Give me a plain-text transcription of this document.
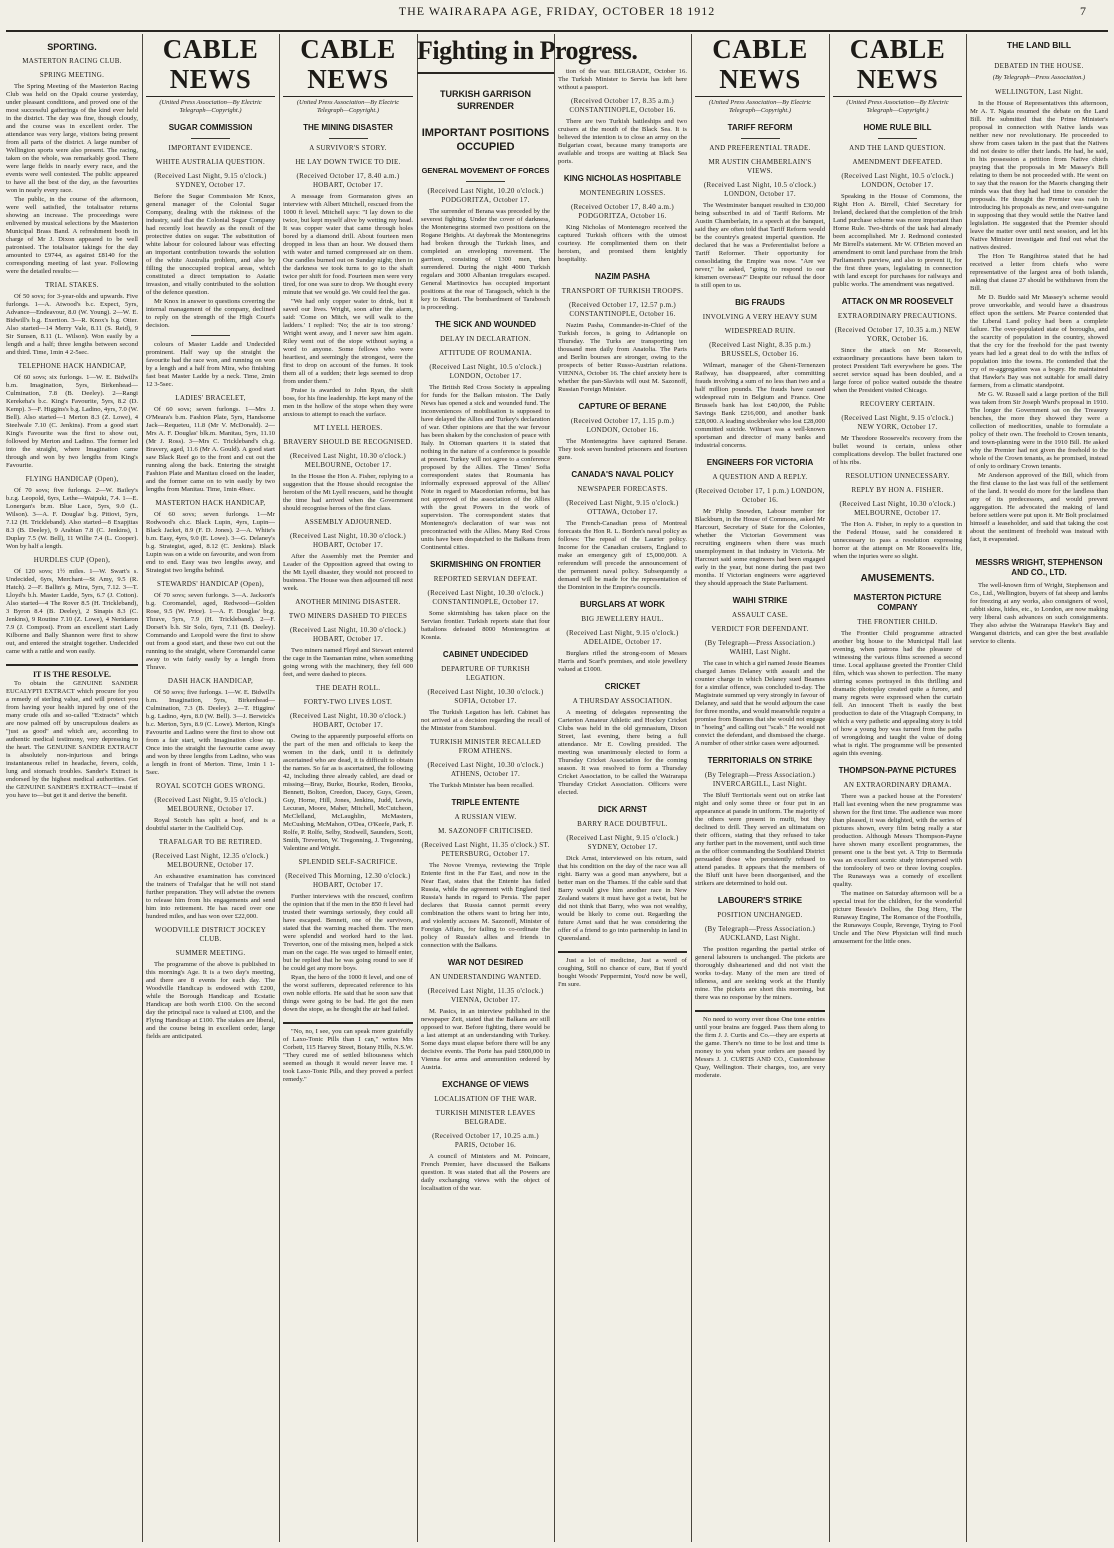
THE WAIRARAPA AGE, FRIDAY, OCTOBER 18 1912	7
SPORTING.
MASTERTON RACING CLUB.
SPRING MEETING.
The Spring Meeting of the Masterton Racing Club was held on the Opaki course yesterday, under pleasant conditions, and proved one of the most successful gatherings of the kind ever held in the district. The day was fine, though cloudy, and the course was in excellent order. The attendance was very large, visitors being present from all parts of the district. A large number of Wellington sports were also present. The racing, taken on the whole, was remarkably good. There were large fields in nearly every race, and the events were well contested. The public appeared to have all the best of the day, as the favourites won in nearly every race.
The public, in the course of the afternoon, were well satisfied, the totalisator returns showing an increase. The proceedings were enlivened by musical selections by the Masterton Municipal Brass Band. A refreshment booth in charge of Mr J. Dixon appeared to be well patronised. The totalisator takings for the day amounted to £9744, as against £8140 for the corresponding meeting of last year. Following were the detailed results:—
TRIAL STAKES.
Of 50 sovs; for 3-year-olds and upwards. Five furlongs. 1—A. Atwood's b.c. Expect, 5yrs, Advance—Endeavour, 8.0 (W. Young). 2—W. E. Bidwill's b.g. Exertion. 3—R. Knox's b.g. Otter. Also started—14 Merry Vale, 8.11 (S. Reid), 9 Sir Sunsen, 8.11 (L. Wilson). Won easily by a length and a half; three lengths between second and third. Time, 1min 4 2-5sec.
TELEPHONE HACK HANDICAP,
Of 60 sovs; six furlongs. 1—W. E. Bidwill's b.m. Imagination, 5yrs, Birkenhead—Culmination, 7.8 (B. Deeley). 2—Rangi Kerekeha's b.c. King's Favourite, 5yrs, 8.2 (D. Kemp). 3—F. Higgins's b.g. Ladino, 4yrs, 7.0 (W. Bell). Also started—1 Merton 8.3 (Z. Lowe), 4 Steelwale 7.10 (C. Jenkins). From a good start King's Favourite was the first to show out, followed by Merton and Ladino. The former led into the straight, where Imagination came through and won by two lengths from King's Favourite.
FLYING HANDICAP (Open),
Of 70 sovs; five furlongs. 2—W. Bailey's b.r.g. Leopold, 6yrs, Lethe—Waipuki, 7.4. 1—E. Lonergan's br.m. Blue Lace, 5yrs, 9.0 (L. Wilson). 3—A. F. Douglas' b.g. Pitiovi, 5yrs, 7.12 (H. Trickleband). Also started—8 Exapjitas 8.3 (B. Deeley), 9 Arabian 7.8 (C. Jenkins), 1 Duplay 7.5 (W. Bell), 11 Willie 7.4 (L. Cooper). Won by half a length.
HURDLES CUP (Open),
Of 120 sovs; 1½ miles. 1—W. Swart's s. Undecided, 6yrs, Merchant—St Amy, 9.5 (R. Hatch). 2—F. Ballin's g. Mira, 5yrs, 7.12. 3—T. Lloyd's b.h. Master Ladde, 5yrs, 6.7 (J. Cotton). Also started—4 The Rover 8.5 (H. Trickleband), 3 Byron 8.4 (B. Deeley), 2 Sinapis 8.3 (C. Jenkins), 9 Routine 7.10 (Z. Lowe), 4 Neridaron 7.9 (J. Compost). From an excellent start Lady Kilborne and Bally Shannon were first to show out, and entered the straight together. Undecided came with a rattle and won easily.
IT IS THE RESOLVE.
To obtain the GENUINE SANDER EUCALYPTI EXTRACT which procure for you a remedy of sterling value, and will protect you from having your health injured by one of the many crude oils and so-called "Extracts" which are now palmed off by unscrupulous dealers as "just as good" and which are, according to authentic medical testimony, very depressing to the heart. The GENUINE SANDER EXTRACT is absolutely non-injurious and brings instantaneous relief in headache, fevers, colds, lung and stomach troubles. Sander's Extract is endorsed by the highest medical authorities. Get the GENUINE SANDER'S EXTRACT—insist if you have to—but get it and derive the benefit.
CABLE NEWS
(United Press Association—By Electric Telegraph—Copyright.)
SUGAR COMMISSION
IMPORTANT EVIDENCE.
WHITE AUSTRALIA QUESTION.
(Received Last Night, 9.15 o'clock.) SYDNEY, October 17.
Before the Sugar Commission Mr Knox, general manager of the Colonial Sugar Company, dealing with the riskiness of the industry, said that the Colonial Sugar Company had recently lost heavily as the result of the protective duties on sugar. The substitution of white labour for coloured labour was effecting an important contribution towards the solution of the white Australia problem, and also by filling the unoccupied tropical areas, which constituted a direct temptation to Asiatic invasion, and vitally contributed to the solution of the defence question.
Mr Knox in answer to questions covering the internal management of the company, declined to reply on the strength of the High Court's decision.
colours of Master Ladde and Undecided prominent. Half way up the straight the favourite had the race won, and running on won by a length and a half from Mira, who finishing fast beat Master Ladde by a neck. Time, 2min 12 3-5sec.
LADIES' BRACELET,
Of 60 sovs; seven furlongs. 1—Mrs J. O'Meara's b.m. Fashion Plate, 5yrs, Handsome Jack—Requeteu, 11.8 (Mr V. McDonald). 2—Mrs A. F. Douglas' blk.m. Manitau, 5yrs, 11.10 (Mr J. Ross). 3—Mrs C. Trickleband's ch.g. Bravery, aged, 11.6 (Mr A. Gould). A good start saw Black Reef go to the front and cut out the running along the back. Entering the straight Fashion Plate and Manitau closed on the leader, and the former came on to win easily by two lengths from Manitau. Time, 1min 49sec.
MASTERTON HACK HANDICAP,
Of 60 sovs; seven furlongs. 1—Mr Rodwood's ch.c. Black Lupin, 4yrs, Lupin—Black Jacket, 8.9 (F. D. Jones). 2—A. White's b.m. Easy, 4yrs, 9.0 (E. Lowe). 3—G. Delaney's b.g. Strategist, aged, 8.12 (C. Jenkins). Black Lupin was on a wide on favourite, and won from end to end. Easy was two lengths away, and Strategist two lengths behind.
STEWARDS' HANDICAP (Open),
Of 70 sovs; seven furlongs. 3—A. Jackson's b.g. Coromandel, aged, Redwood—Golden Rose, 9.5 (W. Price). 1—A. F. Douglas' br.g. Thrave, 5yrs, 7.9 (H. Trickleband). 2—F. Dorset's b.h. Sir Solo, 6yrs, 7.11 (B. Deeley). Commando and Leopold were the first to show out from a good start, and these two cut out the running to the straight, where Coromandel came away to win fairly easily by a length from Thrave.
DASH HACK HANDICAP,
Of 50 sovs; five furlongs. 1—W. E. Bidwill's b.m. Imagination, 5yrs, Birkenhead—Culmination, 7.3 (B. Deeley). 2—T. Higgins' b.g. Ladino, 4yrs, 8.0 (W. Bell). 3—J. Berwick's b.c. Merton, 5yrs, 8.9 (C. Lowe). Merton, King's Favourite and Ladino were the first to show out from a fair start, with Imagination close up. Once into the straight the favourite came away and won by three lengths from Ladino, who was a length in front of Merton. Time, 1min 1 1-5sec.
ROYAL SCOTCH GOES WRONG.
(Received Last Night, 9.15 o'clock.) MELBOURNE, October 17.
Royal Scotch has split a hoof, and is a doubtful starter in the Caulfield Cup.
TRAFALGAR TO BE RETIRED.
(Received Last Night, 12.35 o'clock.) MELBOURNE, October 17.
An exhaustive examination has convinced the trainers of Trafalgar that he will not stand further preparation. They will advise the owners to release him from his engagements and send him into retirement. He has raced over one hundred miles, and has won over £22,000.
WOODVILLE DISTRICT JOCKEY CLUB.
SUMMER MEETING.
The programme of the above is published in this morning's Age. It is a two day's meeting, and there are 8 events for each day. The Woodville Handicap is endowed with £200, while the Borough Handicap and Ecstatic Handicap are both worth £100. On the second day the principal race is valued at £100, and the Flying Handicap at £100. The stakes are liberal, and the course being in excellent order, large fields are anticipated.
CABLE NEWS
(United Press Association—By Electric Telegraph—Copyright.)
THE MINING DISASTER
A SURVIVOR'S STORY.
HE LAY DOWN TWICE TO DIE.
(Received October 17, 8.40 a.m.) HOBART, October 17.
A message from Gormanston gives an interview with Albert Mitchell, rescued from the 1000 ft level. Mitchell says: "I lay down to die twice, but kept myself alive by wetting my head. It was copper water that came through holes bored by a diamond drill. About fourteen men dropped in less than an hour. We doused them with water and turned compressed air on them. Our candles burned out on Sunday night; then in the darkness we took turns to go to the shaft twice per shift for food. Fourteen men were very tired, for one was sure to drop. We thought every minute that we would go. We could feel the gas.
"We had only copper water to drink, but it saved our lives. Wright, soon after the alarm, said: 'Come on Mitch, we will walk to the ladders.' I replied: 'No; the air is too strong.' Wright went away, and I never saw him again. Riley went out of the stope without saying a word to anyone. Some fellows who were heartiest, and seemingly the strongest, were the first to drop on account of the fumes. It took them all of a sudden; their legs seemed to drop from under them."
Praise is awarded to John Ryan, the shift boss, for his fine leadership. He kept many of the men in the hollow of the stope when they were anxious to attempt to reach the surface.
MT LYELL HEROES.
BRAVERY SHOULD BE RECOGNISED.
(Received Last Night, 10.30 o'clock.) MELBOURNE, October 17.
In the House the Hon A. Fisher, replying to a suggestion that the House should recognise the heroism of the Mt Lyell rescuers, said he thought the time had arrived when the Government should recognise heroes of the first class.
ASSEMBLY ADJOURNED.
(Received Last Night, 10.30 o'clock.) HOBART, October 17.
After the Assembly met the Premier and Leader of the Opposition agreed that owing to the Mt Lyell disaster, they would not proceed to business. The House was then adjourned till next week.
ANOTHER MINING DISASTER.
TWO MINERS DASHED TO PIECES
(Received Last Night, 10.30 o'clock.) HOBART, October 17.
Two miners named Floyd and Stewart entered the cage in the Tasmanian mine, when something going wrong with the machinery, they fell 600 feet, and were dashed to pieces.
THE DEATH ROLL.
FORTY-TWO LIVES LOST.
(Received Last Night, 10.30 o'clock.) HOBART, October 17.
Owing to the apparently purposeful efforts on the part of the men and officials to keep the women in the dark, until it is definitely ascertained who are dead, it is difficult to obtain the names. So far as is ascertained, the following 42, including three already cabled, are dead or missing—Bray, Burke, Bourke, Roden, Brooks, Bennett, Bolton, Creedon, Dacey, Guys, Green, Guy, Horne, Hill, Jones, Jenkins, Judd, Lewis, Lecuran, Moore, Maher, Mitchell, McCutcheon, McClelland, McLaughlin, McMasters, McCushing, McMahon, O'Dea, O'Keefe, Park, F. Rolfe, P. Rolfe, Selby, Stodwell, Saunders, Scott, Smith, Treverton, W. Tregonning, J. Tregonning, Valentine and Wright.
SPLENDID SELF-SACRIFICE.
(Received This Morning, 12.30 o'clock.) HOBART, October 17.
Further interviews with the rescued, confirm the opinion that if the men in the 850 ft level had trusted their warnings seriously, they could all have escaped. Bennett, one of the survivors, stated that the warning reached them. The men were splendid and worked hard to the last. Treverton, one of the missing men, helped a sick man on the cage. He was urged to himself enter, but he replied that he was going round to see if he could get any more boys.
Ryan, the hero of the 1000 ft level, and one of the worst sufferers, deprecated reference to his own noble efforts. He said that he soon saw that things were going to be bad. He got the men down the stope, as he thought the air had failed.
"No, no, I see, you can speak more gratefully of Laxo-Tonic Pills than I can," writes Mrs Corbett, 115 Harvey Street, Botany Hills, N.S.W. "They cured me of settled biliousness which seemed as though it would never leave me. I took Laxo-Tonic Pills, and they proved a perfect remedy."
Fighting in Progress.
TURKISH GARRISON SURRENDER
IMPORTANT POSITIONS OCCUPIED
GENERAL MOVEMENT OF FORCES
(Received Last Night, 10.20 o'clock.) PODGORITZA, October 17.
The surrender of Berana was preceded by the severest fighting. Under the cover of darkness, the Montenegrins stormed two positions on the Rogane Heights. At daybreak the Montenegrins had broken through the Turkish lines, and completed an enveloping movement. The garrison, consisting of 1300 men, then surrendered. During the night 4000 Turkish regulars and 3000 Albanian irregulars escaped. General Martinovics has occupied important positions at the rear of Taragosch, which is the key to Skutari. The bombardment of Tarabosch is proceeding.
THE SICK AND WOUNDED
DELAY IN DECLARATION.
ATTITUDE OF ROUMANIA.
(Received Last Night, 10.5 o'clock.) LONDON, October 17.
The British Red Cross Society is appealing for funds for the Balkan mission. The Daily News has opened a sick and wounded fund. The inconveniences of mobilisation is supposed to have delayed the Allies and Turkey's declaration of war. Other opinions are that the war fervour has been shaken by the conclusion of peace with Italy. In Ottoman quarters it is stated that nothing in the nature of a conference is possible at present. Turkey will not agree to a conference proposed by the Allies. The Times' Sofia correspondent states that Roumania has informally expressed approval of the Allies' Note in regard to Macedonian reforms, but has not approved of the association of the Allies with the great Powers in the work of supervision. The correspondent states that Montenegro's declaration of war was not precontracted with the Allies. Many Red Cross units have been despatched to the Balkans from Continental cities.
SKIRMISHING ON FRONTIER
REPORTED SERVIAN DEFEAT.
(Received Last Night, 10.30 o'clock.) CONSTANTINOPLE, October 17.
Some skirmishing has taken place on the Servian frontier. Turkish reports state that four battalions defeated 8000 Montenegrins at Kosnia.
CABINET UNDECIDED
DEPARTURE OF TURKISH LEGATION.
(Received Last Night, 10.30 o'clock.) SOFIA, October 17.
The Turkish Legation has left. Cabinet has not arrived at a decision regarding the recall of the Minister from Stamboul.
TURKISH MINISTER RECALLED FROM ATHENS.
(Received Last Night, 10.30 o'clock.) ATHENS, October 17.
The Turkish Minister has been recalled.
TRIPLE ENTENTE
A RUSSIAN VIEW.
M. SAZONOFF CRITICISED.
(Received Last Night, 11.35 o'clock.) ST. PETERSBURG, October 17.
The Novoe Vremya, reviewing the Triple Entente first in the Far East, and now in the Near East, states that the Entente has failed Russia, while the agreement with England tied Russia's hands in regard to Persia. The paper declares that Russia cannot permit every combination the others want to bring her into, and violently accuses M. Sazonoff, Minister of Foreign Affairs, for failing to co-ordinate the policy of Russia's allies and friends in connection with the Balkans.
WAR NOT DESIRED
AN UNDERSTANDING WANTED.
(Received Last Night, 11.35 o'clock.) VIENNA, October 17.
M. Pasics, in an interview published in the newspaper Zeit, stated that the Balkans are still opposed to war. Before fighting, there would be a last attempt at an understanding with Turkey. Some days must elapse before there will be any decisive events. The Porte has paid £800,000 in Vienna for arms and ammunition ordered by Austria.
EXCHANGE OF VIEWS
LOCALISATION OF THE WAR.
TURKISH MINISTER LEAVES BELGRADE.
(Received October 17, 10.25 a.m.) PARIS, October 16.
A council of Ministers and M. Poincare, French Premier, have discussed the Balkans question. It was stated that all the Powers are daily exchanging views with the object of localisation of the war.
tion of the war. BELGRADE, October 16. The Turkish Minister to Servia has left here without a passport.
(Received October 17, 8.35 a.m.) CONSTANTINOPLE, October 16.
There are two Turkish battleships and two cruisers at the mouth of the Black Sea. It is believed the intention is to close an army on the Bulgarian coast, because many transports are available and troops are waiting at Black Sea ports.
KING NICHOLAS HOSPITABLE
MONTENEGRIN LOSSES.
(Received October 17, 8.40 a.m.) PODGORITZA, October 16.
King Nicholas of Montenegro received the captured Turkish officers with the utmost courtesy. He complimented them on their heroism, and promised them knightly hospitality.
NAZIM PASHA
TRANSPORT OF TURKISH TROOPS.
(Received October 17, 12.57 p.m.) CONSTANTINOPLE, October 16.
Nazim Pasha, Commander-in-Chief of the Turkish forces, is going to Adrianople on Thursday. The Turks are transporting ten thousand men daily from Anatolia. The Paris and Berlin bourses are stronger, owing to the prospects of better Russo-Austrian relations. VIENNA, October 16. The chief anxiety here is whether the pan-Slavists will oust M. Sazonoff, Russian Foreign Minister.
CAPTURE OF BERANE
(Received October 17, 1.15 p.m.) LONDON, October 16.
The Montenegrins have captured Berane. They took seven hundred prisoners and fourteen guns.
CANADA'S NAVAL POLICY
NEWSPAPER FORECASTS.
(Received Last Night, 9.15 o'clock.) OTTAWA, October 17.
The French-Canadian press of Montreal forecasts the Hon R. L. Borden's naval policy as follows: The repeal of the Laurier policy. Income for the Canadian cruisers, England to make an emergency gift of £5,000,000. A referendum will precede the announcement of the permanent naval policy. Subsequently a demand will be made for the representation of the Dominion in the Empire's councils.
BURGLARS AT WORK
BIG JEWELLERY HAUL.
(Received Last Night, 9.15 o'clock.) ADELAIDE, October 17.
Burglars rifled the strong-room of Messrs Harris and Scarf's premises, and stole jewellery valued at £1000.
CRICKET
A THURSDAY ASSOCIATION.
A meeting of delegates representing the Carterton Amateur Athletic and Hockey Cricket Clubs was held in the old gymnasium, Dixon Street, last evening, there being a full attendance. Mr E. Cowling presided. The meeting was unanimously elected to form a Thursday Cricket Association for the coming season. It was resolved to form a Thursday Cricket Association, to be called the Wairarapa Thursday Cricket Association. Officers were elected.
DICK ARNST
BARRY RACE DOUBTFUL.
(Received Last Night, 9.15 o'clock.) SYDNEY, October 17.
Dick Arnst, interviewed on his return, said that his condition on the day of the race was all right. Barry was a good man anywhere, but a better man on the Thames. If the cable said that Barry would give him another race in New Zealand waters it must have got a twist, but he did not think that Barry, who was not wealthy, would be likely to come out. Regarding the future Arnst said that he was considering the offer of a friend to go into partnership in land in Queensland.
Just a lot of medicine, Just a word of coughing, Still no chance of cure, But if you'd bought Woods' Peppermint, You'd now be well, I'm sure.
CABLE NEWS
(United Press Association—By Electric Telegraph—Copyright.)
TARIFF REFORM
AND PREFERENTIAL TRADE.
MR AUSTIN CHAMBERLAIN'S VIEWS.
(Received Last Night, 10.5 o'clock.) LONDON, October 17.
The Westminster banquet resulted in £30,000 being subscribed in aid of Tariff Reform. Mr Austin Chamberlain, in a speech at the banquet, said they are often told that Tariff Reform would be the country's greatest imperial question. He declared that he was a Preferentialist before a Tariff Reformer. Their opportunity for consolidating the Empire was now. "Are we never," he asked, "going to respond to our kinsmen overseas?" Despite our refusal the door is still open to us.
BIG FRAUDS
INVOLVING A VERY HEAVY SUM
WIDESPREAD RUIN.
(Received Last Night, 8.35 p.m.) BRUSSELS, October 16.
Wilmart, manager of the Ghent-Ternenzen Railway, has disappeared, after committing frauds involving a sum of no less than two and a half million pounds. The frauds have caused widespread ruin in Belgium and France. One Brussels bank has lost £40,000, the Public Savings Bank £216,000, and another bank £28,000. A leading stockbroker who lost £28,000 committed suicide. Wilmart was a well-known sportsman and director of many banks and industrial concerns.
ENGINEERS FOR VICTORIA
A QUESTION AND A REPLY.
(Received October 17, 1 p.m.) LONDON, October 16.
Mr Philip Snowden, Labour member for Blackburn, in the House of Commons, asked Mr Harcourt, Secretary of State for the Colonies, whether the Victorian Government was recruiting engineers when there was much unemployment in that industry in Victoria. Mr Harcourt said some engineers had been engaged early in the year, but none during the past two months. If Victorian engineers were aggrieved they should approach the State Parliament.
WAIHI STRIKE
ASSAULT CASE.
VERDICT FOR DEFENDANT.
(By Telegraph—Press Association.) WAIHI, Last Night.
The case in which a girl named Jessie Beames charged James Delaney with assault and the counter charge in which Delaney sued Beames for a similar offence, was concluded to-day. The Magistrate summed up very strongly in favour of Delaney, and said that he would adjourn the case for three months, and would meanwhile require a promise from Beames that she would not engage in "hoeing" and calling out "scab." He would not convict the defendant, and dismissed the charge. A number of other strike cases were adjourned.
TERRITORIALS ON STRIKE
(By Telegraph—Press Association.) INVERCARGILL, Last Night.
The Bluff Territorials went out on strike last night and only some three or four put in an appearance at parade in uniform. The majority of the others were present in mufti, but they declined to drill. They served an ultimatum on their officers, stating that they refused to take any further part in the movement, until such time as the officer commanding the Southland District persuaded those who persistently refused to attend parades. It appears that the members of the Bluff unit have been disorganised, and the strikers are determined to hold out.
LABOURER'S STRIKE
POSITION UNCHANGED.
(By Telegraph—Press Association.) AUCKLAND, Last Night.
The position regarding the partial strike of general labourers is unchanged. The pickets are thoroughly disheartened and did not visit the works to-day. Many of the men are tired of idleness, and are seeking work at the Huntly mine. The pickets are short this morning, but there was no response by the miners.
No need to worry over those One tone entries until your brains are fogged. Pass them along to the firm J. J. Curtis and Co.—they are experts at the game. There's no time to be lost and time is money to you when your orders are passed by Messrs J. J. CURTIS AND CO., Customhouse Quay, Wellington. Their charges, too, are very moderate.
CABLE NEWS
(United Press Association—By Electric Telegraph—Copyright.)
HOME RULE BILL
AND THE LAND QUESTION.
AMENDMENT DEFEATED.
(Received Last Night, 10.5 o'clock.) LONDON, October 17.
Speaking in the House of Commons, the Right Hon A. Birrell, Chief Secretary for Ireland, declared that the completion of the Irish Land purchase scheme was more important than Home Rule. Two-thirds of the task had already been accomplished. Mr J. Redmond contested Mr Birrell's statement. Mr W. O'Brien moved an amendment to omit land purchase from the Irish Parliament's purview, and also to prevent it, for the first three years, legislating in connection with land except for purchases for railways and public works. The amendment was negatived.
ATTACK ON MR ROOSEVELT
EXTRAORDINARY PRECAUTIONS.
(Received October 17, 10.35 a.m.) NEW YORK, October 16.
Since the attack on Mr Roosevelt, extraordinary precautions have been taken to protect President Taft everywhere he goes. The secret service squad has been doubled, and a large force of police waited outside the theatre when the President visited Chicago.
RECOVERY CERTAIN.
(Received Last Night, 9.15 o'clock.) NEW YORK, October 17.
Mr Theodore Roosevelt's recovery from the bullet wound is certain, unless other complications develop. The bullet fractured one of his ribs.
RESOLUTION UNNECESSARY.
REPLY BY HON A. FISHER.
(Received Last Night, 10.30 o'clock.) MELBOURNE, October 17.
The Hon A. Fisher, in reply to a question in the Federal House, said he considered it unnecessary to pass a resolution expressing horror at the attempt on Mr Roosevelt's life, when the injuries were so slight.
AMUSEMENTS.
MASTERTON PICTURE COMPANY
THE FRONTIER CHILD.
The Frontier Child programme attracted another big house to the Municipal Hall last evening, when patrons had the pleasure of witnessing the various films screened a second time. Local appliause greeted the Frontier Child film, which was shown to perfection. The many stirring scenes portrayed in this thrilling and dramatic photoplay created quite a furore, and many regrets were expressed when the curtain fell. An innocent Theft is easily the best production to date of the Vitagraph Company, in which a very pathetic and appealing story is told of how a young boy was turned from the paths of wrongdoing and taught the value of doing what is right. The programme will be presented again this evening.
THOMPSON-PAYNE PICTURES
AN EXTRAORDINARY DRAMA.
There was a packed house at the Foresters' Hall last evening when the new programme was shown for the first time. The audience was more than pleased, it was delighted, with the series of pictures shown, every film being really a star production. Although Messrs Thompson-Payne have shown many excellent programmes, the present one is the best yet. A Trip to Bermuda was an excellent scenic study interspersed with the tomfoolery of two or three loving couples. The Runaways was a comedy of excellent quality.
The matinee on Saturday afternoon will be a special treat for the children, for the wonderful picture Bessie's Dollies, the Dog Hero, The Runaway Engine, The Romance of the Foothills, the Runaways Couple, Revenge, Trying to Fool Uncle and The New Physician will find much amusement for the little ones.
THE LAND BILL
DEBATED IN THE HOUSE.
(By Telegraph—Press Association.)
WELLINGTON, Last Night.
In the House of Representatives this afternoon, Mr A. T. Ngata resumed the debate on the Land Bill. He submitted that the Prime Minister's proposal in connection with Native lands was neither new nor revolutionary. He proceeded to show from cases taken in the past that the Natives did not desire to offer their lands. He had, he said, in his possession a petition from Native chiefs praying that the proposals in Mr Massey's Bill relating to them be not proceeded with. He went on to say that the reason for the Maoris changing their minds was that they had had time to consider the proposals. He thought the Premier was rash in introducing his proposals as new, and over-sanguine in supposing that they would settle the Native land legislation. He suggested that the Premier should leave the matter over until next session, and let his Native Minister investigate and find out what the natives desired.
The Hon Te Rangihiroa stated that he had received a letter from chiefs who were representative of the largest area of both islands, asking that clause 27 should be withdrawn from the Bill.
Mr D. Buddo said Mr Massey's scheme would prove unworkable, and would have a disastrous effect upon the settlers. Mr Pearce contended that the Liberal Land policy had been a complete failure. The over-populated state of boroughs, and the scarcity of population in the country, showed that the cry for the freehold for the past twenty years had led a great deal to do with the influx of population into the towns. He contended that the cry of re-aggregation was a bogey. He maintained that Hawke's Bay was not suitable for small dairy farmers, from a climatic standpoint.
Mr G. W. Russell said a large portion of the Bill was taken from Sir Joseph Ward's proposal in 1910. The longer the Government sat on the Treasury benches, the more they showed they were a collection of mediocrities, unable to formulate a policy of their own. The freehold to Crown tenants, and town-planning were in the 1910 Bill. He asked why the Premier had not given the freehold to the whole of the Crown tenants, as he promised, instead of only to ordinary Crown tenants.
Mr Anderson approved of the Bill, which from the first clause to the last was full of the settlement of the land. It would do more for the landless than any of its predecessors, and would prevent aggregation. He advocated the making of land before settlers were put upon it. Mr Bolt proclaimed himself a leaseholder, and said that taking the cost about the sentiment of freehold was instead with fact, it evaporated.
MESSRS WRIGHT, STEPHENSON AND CO., LTD.
The well-known firm of Wright, Stephenson and Co., Ltd., Wellington, buyers of fat sheep and lambs for freezing at any works, also consigners of wool, rabbit skins, hides, etc., to London, are now making very liberal cash advances on such consignments. They also advise the Wairarapa Hawke's Bay and Wanganui districts, and can give the best available service to clients.
